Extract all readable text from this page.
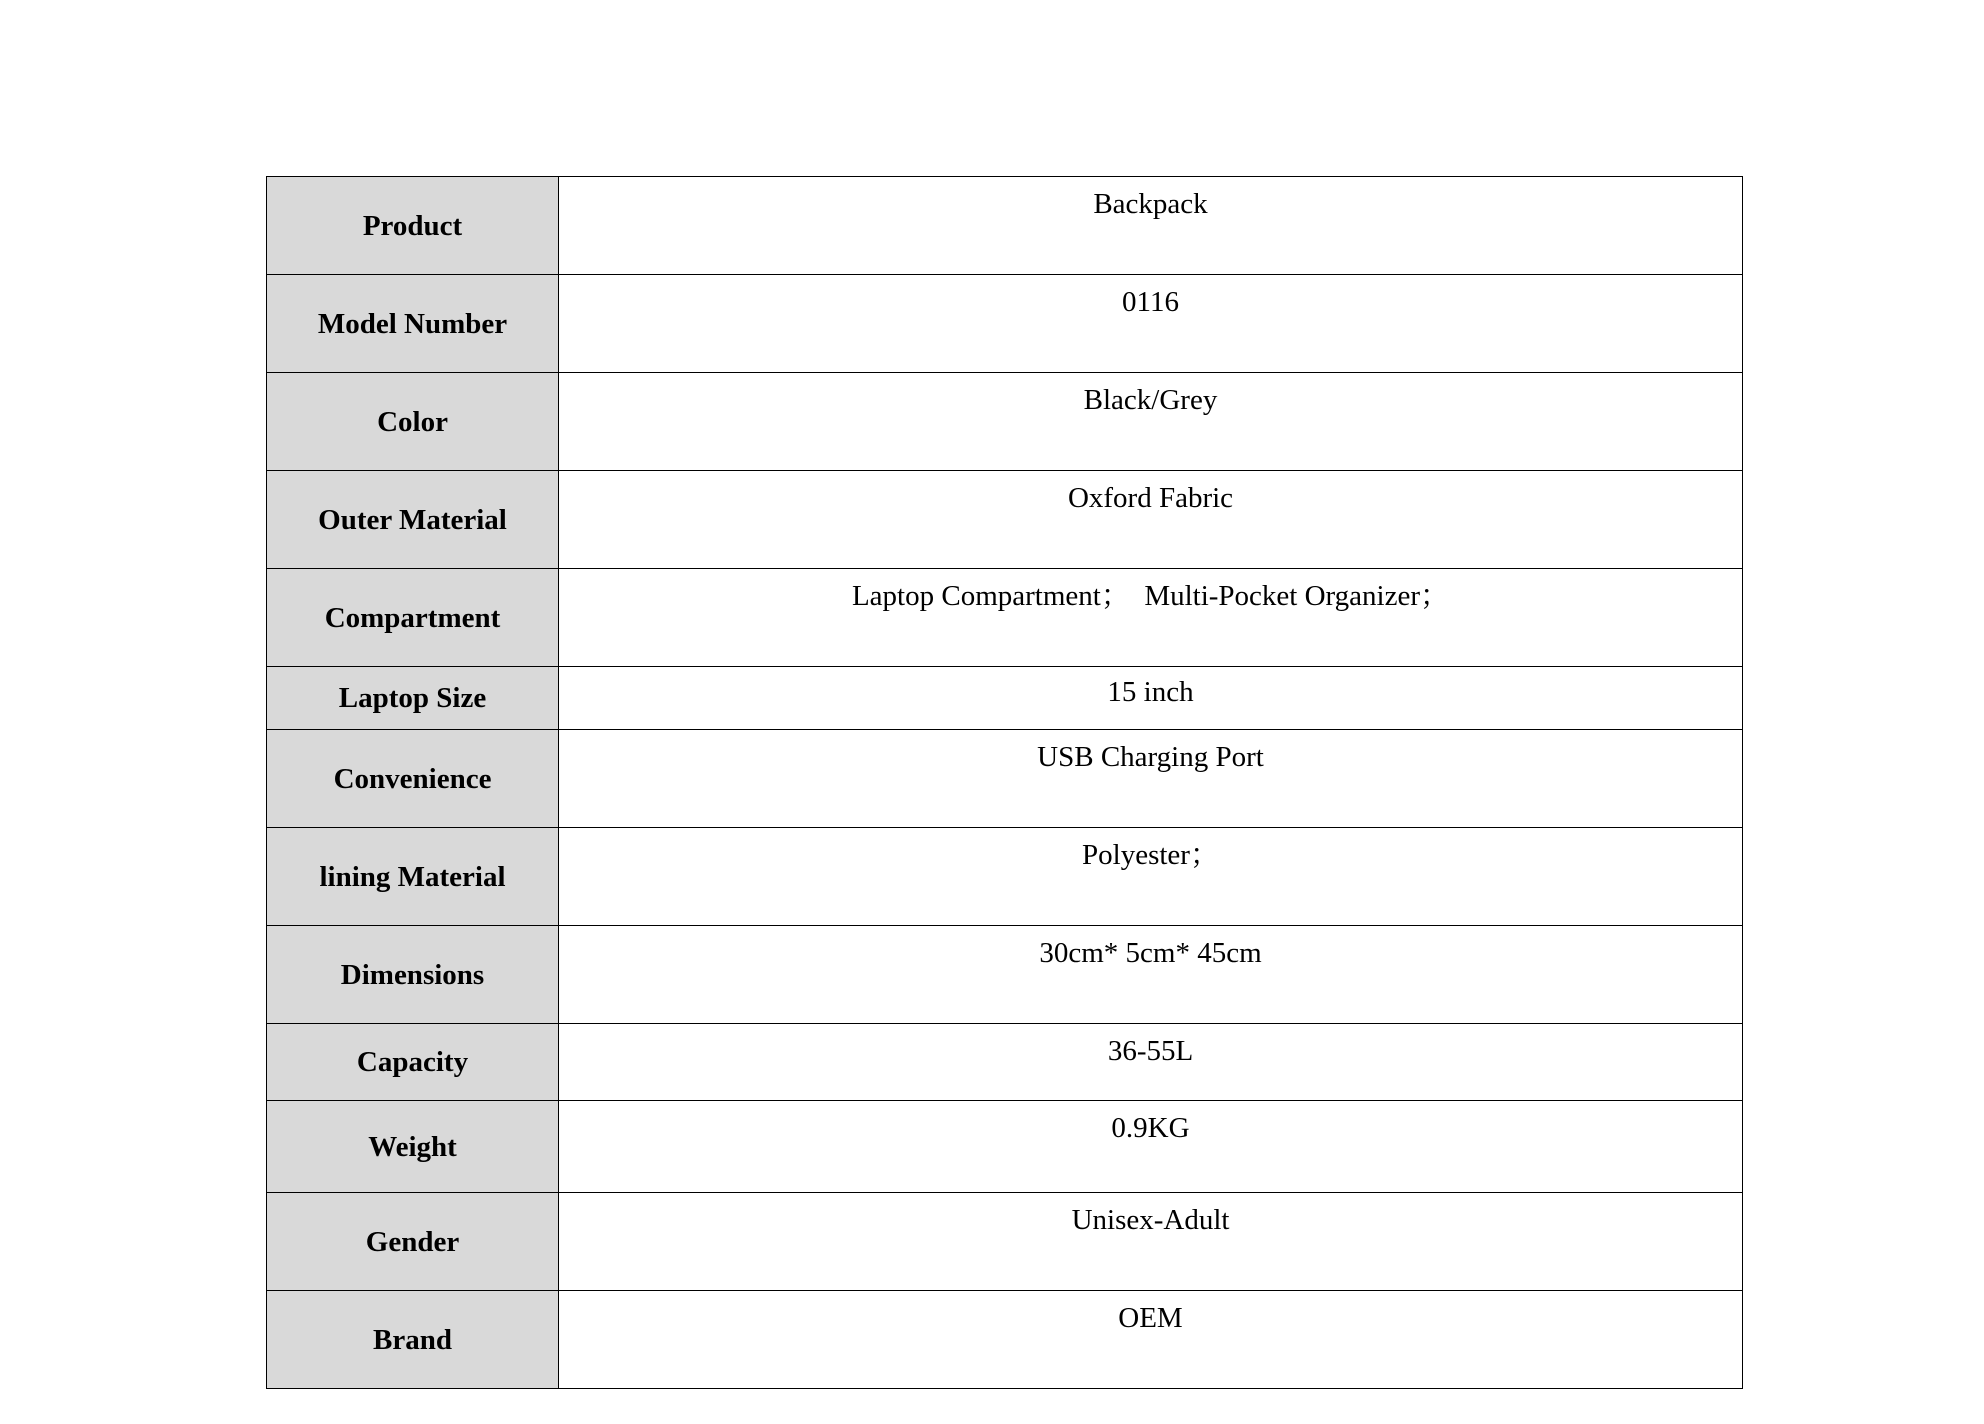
Product	Backpack
Model Number	0116
Color	Black/Grey
Outer Material	Oxford Fabric
Compartment	Laptop Compartment；  Multi-Pocket Organizer；
Laptop Size	15 inch
Convenience	USB Charging Port
lining Material	Polyester；
Dimensions	30cm* 5cm* 45cm
Capacity	36-55L
Weight	0.9KG
Gender	Unisex-Adult
Brand	OEM
